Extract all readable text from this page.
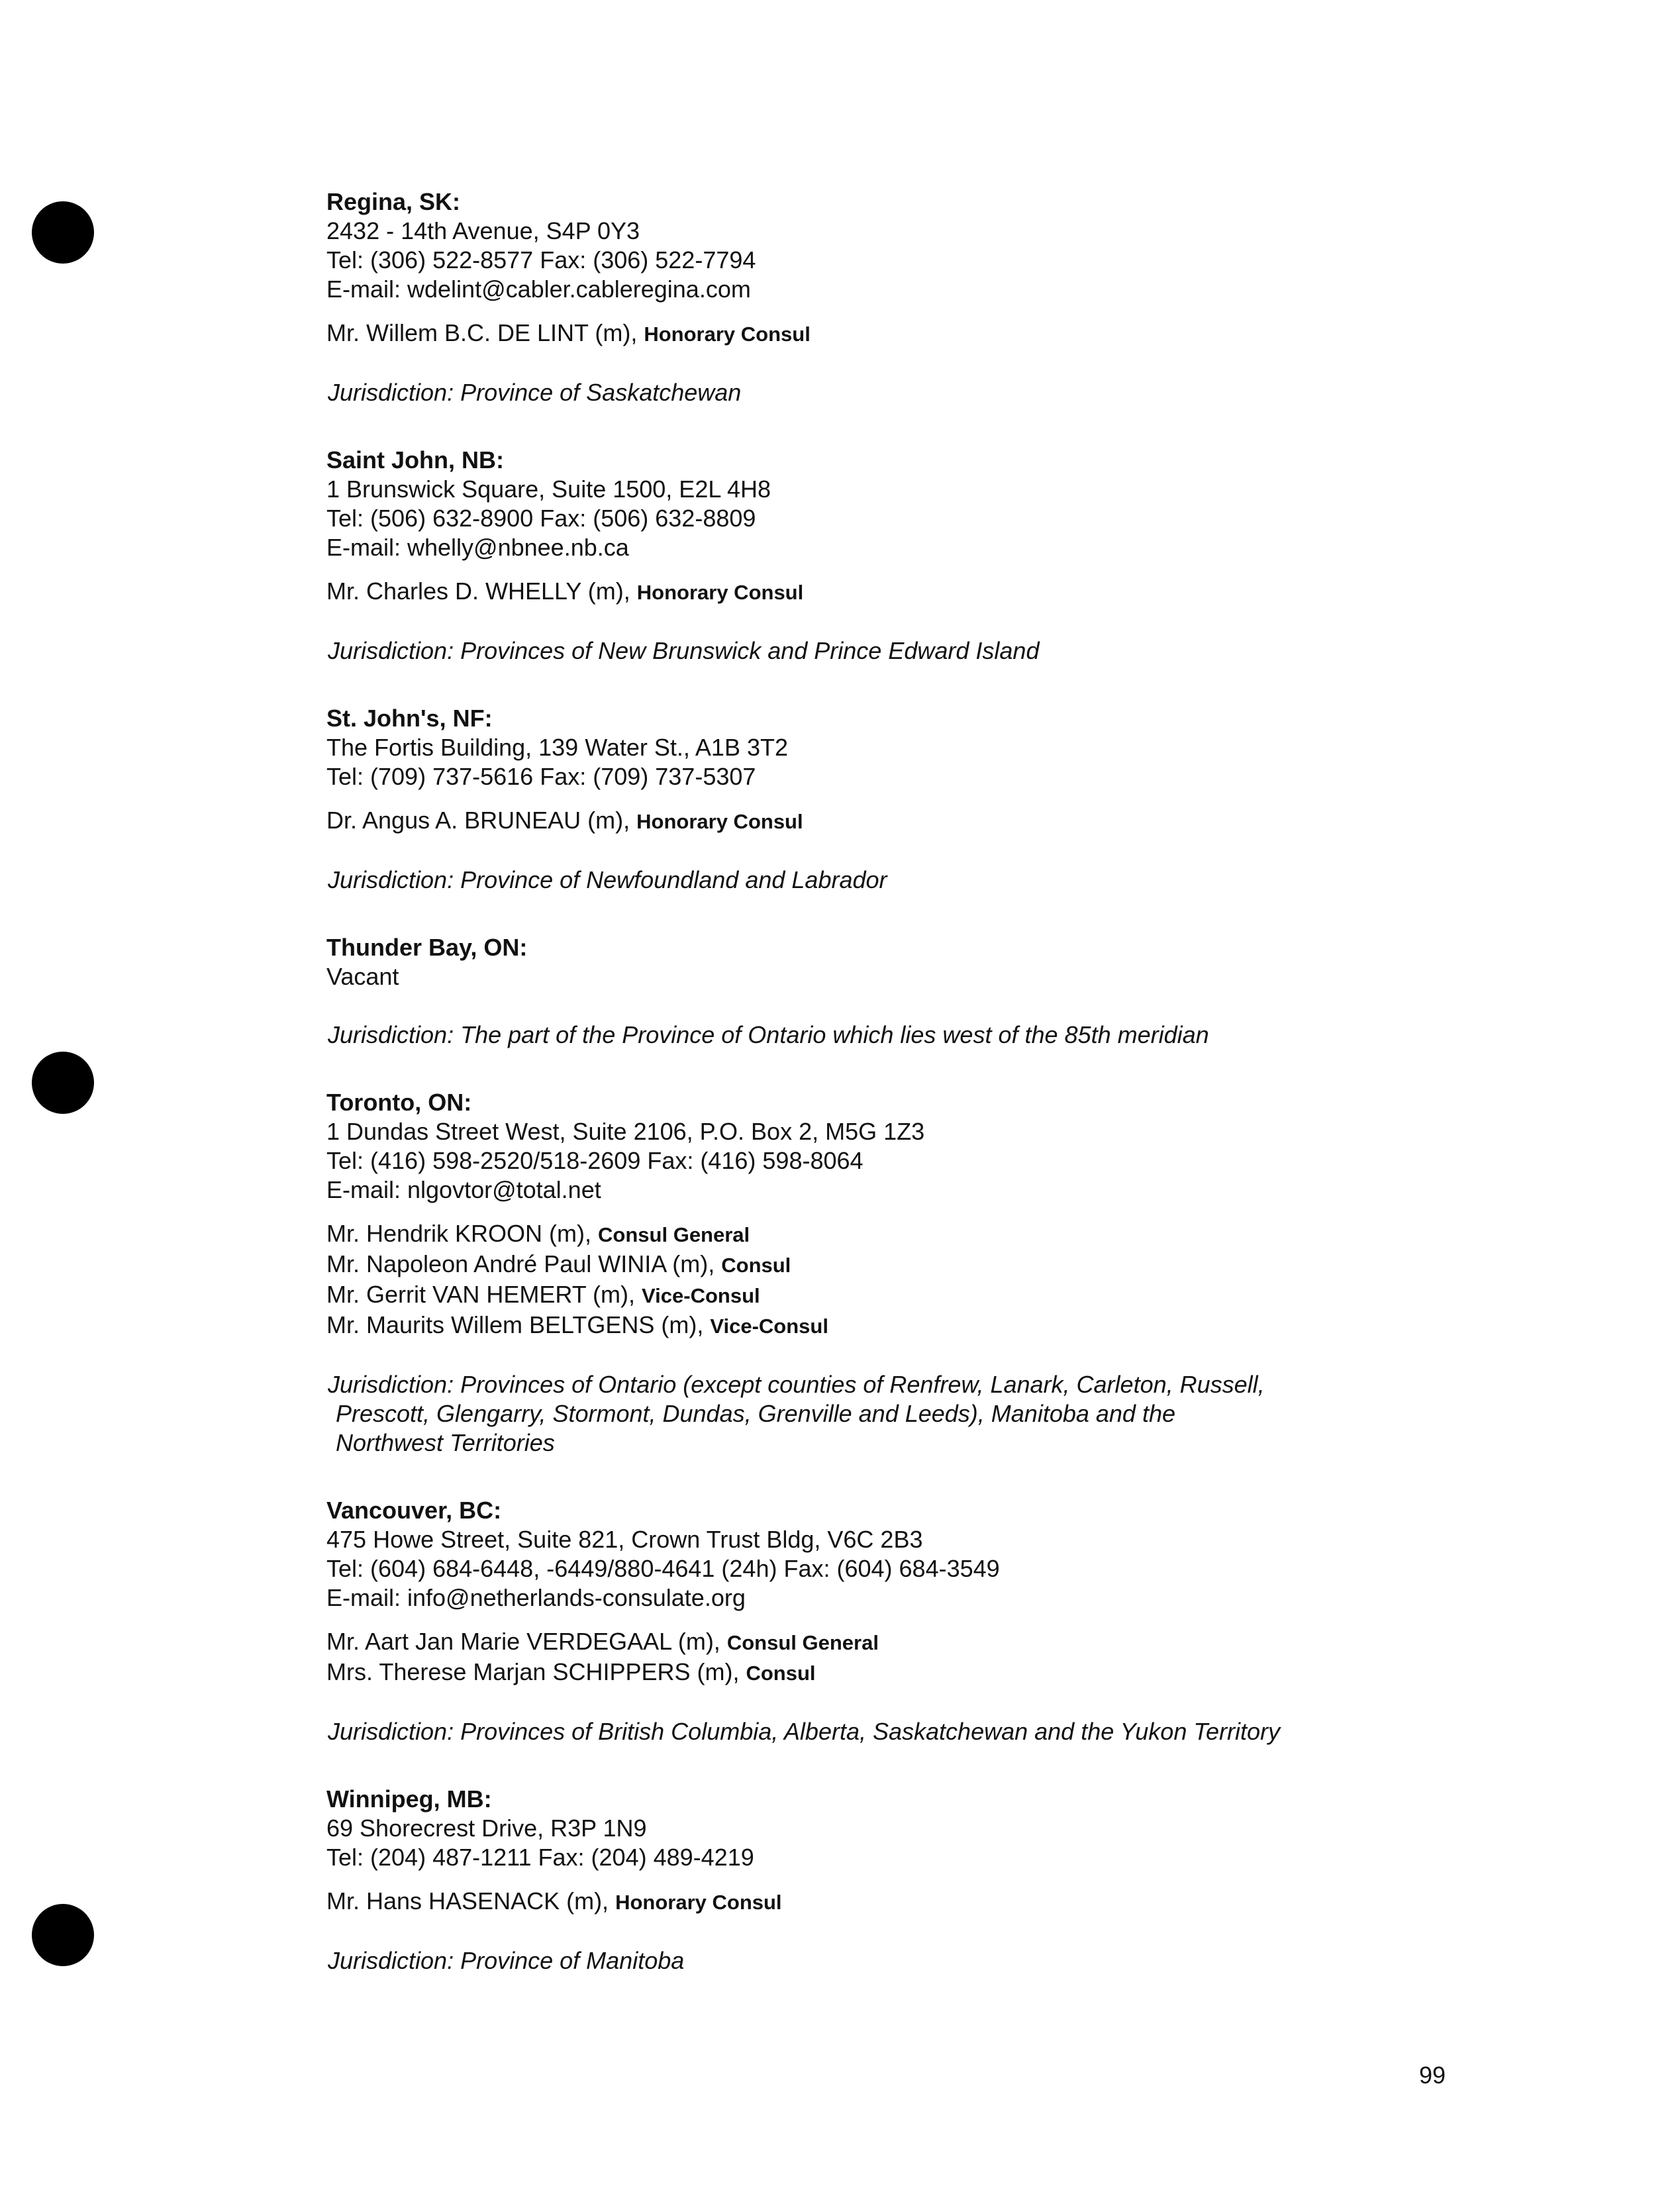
Regina, SK:
2432 - 14th Avenue, S4P 0Y3
Tel: (306) 522-8577 Fax: (306) 522-7794
E-mail: wdelint@cabler.cableregina.com
Mr. Willem B.C. DE LINT (m), Honorary Consul
Jurisdiction: Province of Saskatchewan
Saint John, NB:
1 Brunswick Square, Suite 1500, E2L 4H8
Tel: (506) 632-8900 Fax: (506) 632-8809
E-mail: whelly@nbnee.nb.ca
Mr. Charles D. WHELLY (m), Honorary Consul
Jurisdiction: Provinces of New Brunswick and Prince Edward Island
St. John's, NF:
The Fortis Building, 139 Water St., A1B 3T2
Tel: (709) 737-5616 Fax: (709) 737-5307
Dr. Angus A. BRUNEAU (m), Honorary Consul
Jurisdiction: Province of Newfoundland and Labrador
Thunder Bay, ON:
Vacant
Jurisdiction: The part of the Province of Ontario which lies west of the 85th meridian
Toronto, ON:
1 Dundas Street West, Suite 2106, P.O. Box 2, M5G 1Z3
Tel: (416) 598-2520/518-2609 Fax: (416) 598-8064
E-mail: nlgovtor@total.net
Mr. Hendrik KROON (m), Consul General
Mr. Napoleon André Paul WINIA (m), Consul
Mr. Gerrit VAN HEMERT (m), Vice-Consul
Mr. Maurits Willem BELTGENS (m), Vice-Consul
Jurisdiction: Provinces of Ontario (except counties of Renfrew, Lanark, Carleton, Russell,
Prescott, Glengarry, Stormont, Dundas, Grenville and Leeds), Manitoba and the
Northwest Territories
Vancouver, BC:
475 Howe Street, Suite 821, Crown Trust Bldg, V6C 2B3
Tel: (604) 684-6448, -6449/880-4641 (24h) Fax: (604) 684-3549
E-mail: info@netherlands-consulate.org
Mr. Aart Jan Marie VERDEGAAL (m), Consul General
Mrs. Therese Marjan SCHIPPERS (m), Consul
Jurisdiction: Provinces of British Columbia, Alberta, Saskatchewan and the Yukon Territory
Winnipeg, MB:
69 Shorecrest Drive, R3P 1N9
Tel: (204) 487-1211 Fax: (204) 489-4219
Mr. Hans HASENACK (m), Honorary Consul
Jurisdiction: Province of Manitoba
99
